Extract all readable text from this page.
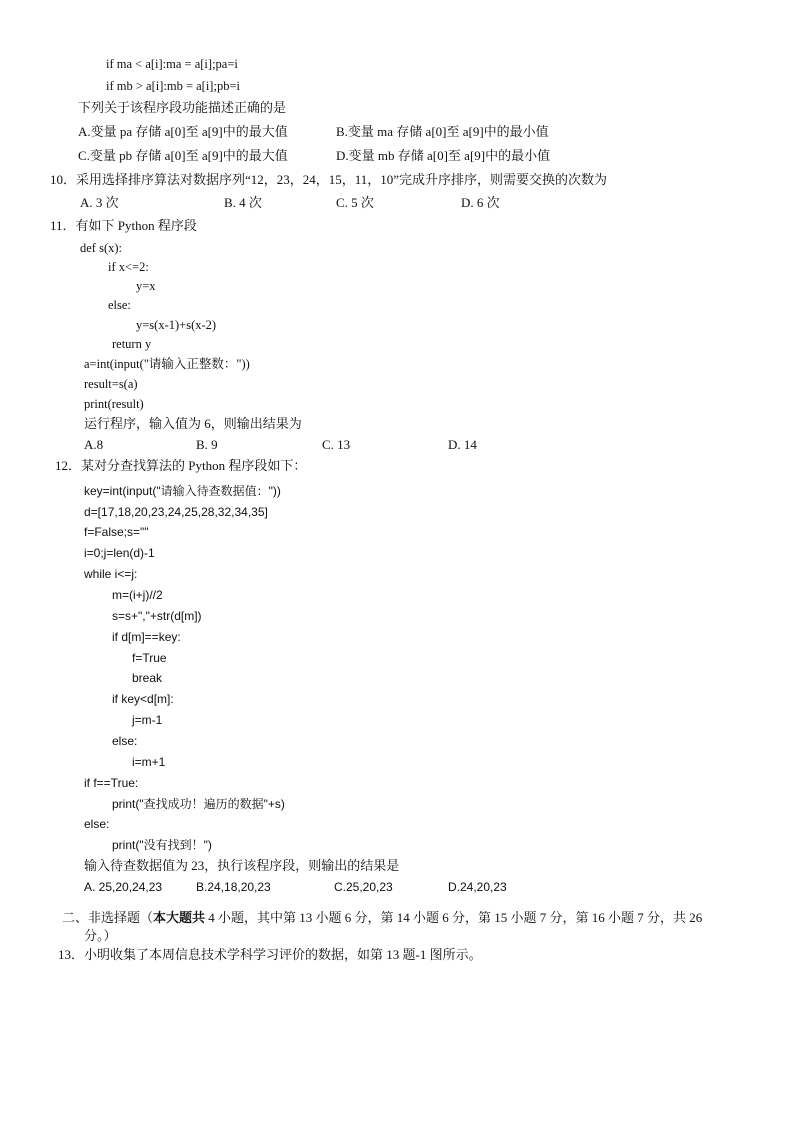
if ma < a[i]:ma = a[i];pa=i
if mb > a[i]:mb = a[i];pb=i
下列关于该程序段功能描述正确的是
A.变量 pa 存储 a[0]至 a[9]中的最大值	B.变量 ma 存储 a[0]至 a[9]中的最小值
C.变量 pb 存储 a[0]至 a[9]中的最大值	D.变量 mb 存储 a[0]至 a[9]中的最小值
10．采用选择排序算法对数据序列“12，23，24，15，11，10”完成升序排序，则需要交换的次数为
A. 3 次	B. 4 次	C. 5 次	D. 6 次
11．有如下 Python 程序段
def s(x):
if x<=2:
y=x
else:
y=s(x-1)+s(x-2)
return y
a=int(input("请输入正整数："))
result=s(a)
print(result)
运行程序，输入值为 6，则输出结果为
A.8	B. 9	C. 13	D. 14
12．某对分查找算法的 Python 程序段如下：
key=int(input("请输入待查数据值："))
d=[17,18,20,23,24,25,28,32,34,35]
f=False;s=""
i=0;j=len(d)-1
while i<=j:
m=(i+j)//2
s=s+","+str(d[m])
if d[m]==key:
f=True
break
if key<d[m]:
j=m-1
else:
i=m+1
if f==True:
print("查找成功！遍历的数据"+s)
else:
print("没有找到！")
输入待查数据值为 23，执行该程序段，则输出的结果是
A. 25,20,24,23	B.24,18,20,23	C.25,20,23	D.24,20,23
二、非选择题（本大题共 4 小题，其中第 13 小题 6 分，第 14 小题 6 分，第 15 小题 7 分，第 16 小题 7 分，共 26
分。）
13．小明收集了本周信息技术学科学习评价的数据，如第 13 题-1 图所示。
